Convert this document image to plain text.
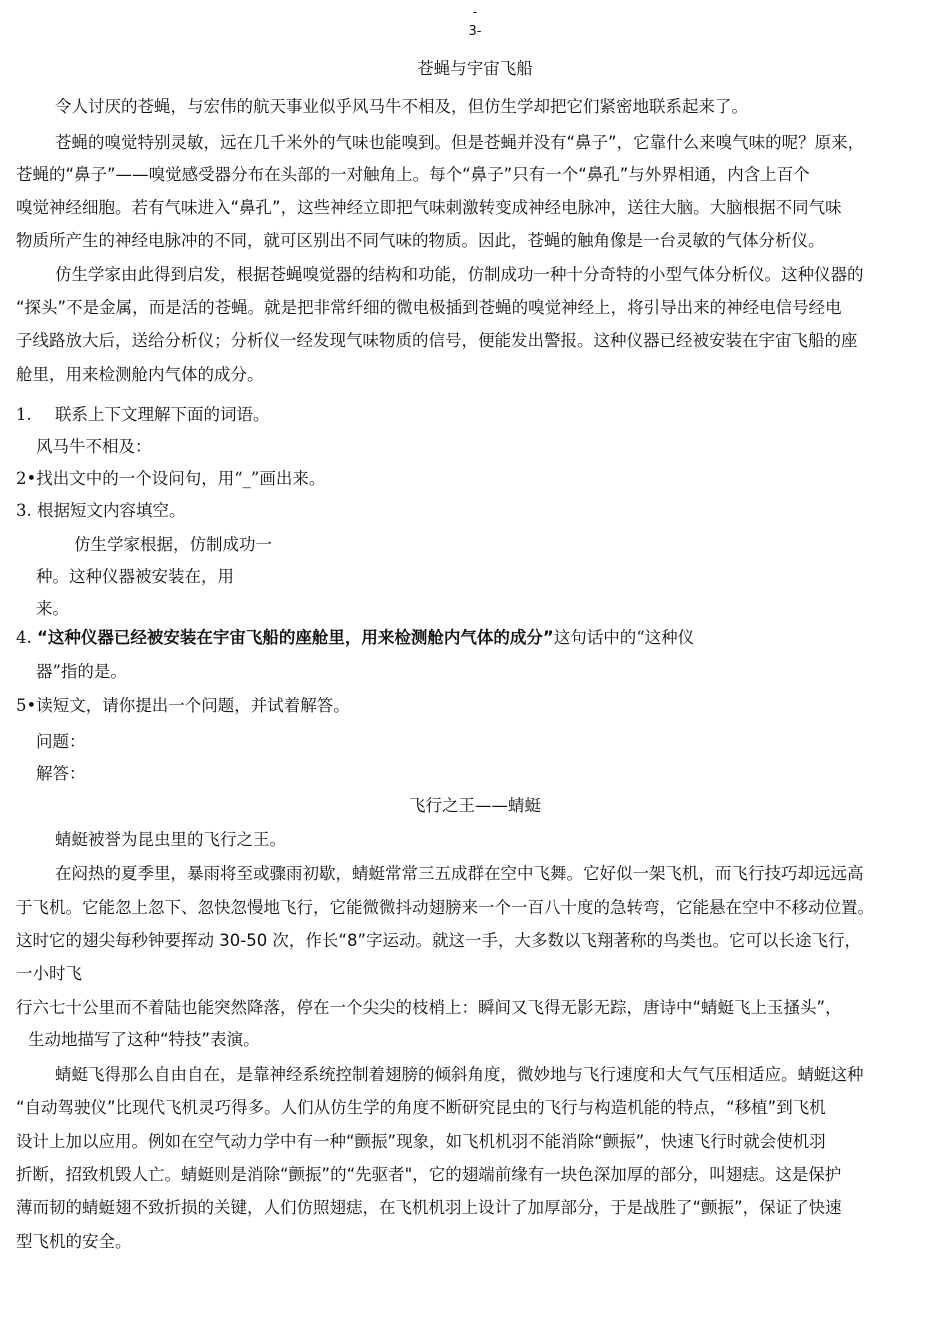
-
3-
苍蝇与宇宙飞船
令人讨厌的苍蝇，与宏伟的航天事业似乎风马牛不相及，但仿生学却把它们紧密地联系起来了。
苍蝇的嗅觉特别灵敏，远在几千米外的气味也能嗅到。但是苍蝇并没有“鼻子”，它靠什么来嗅气味的呢？原来，
苍蝇的“鼻子”——嗅觉感受器分布在头部的一对触角上。每个“鼻子”只有一个“鼻孔”与外界相通，内含上百个
嗅觉神经细胞。若有气味进入“鼻孔”，这些神经立即把气味刺激转变成神经电脉冲，送往大脑。大脑根据不同气味
物质所产生的神经电脉冲的不同，就可区别出不同气味的物质。因此，苍蝇的触角像是一台灵敏的气体分析仪。
仿生学家由此得到启发，根据苍蝇嗅觉器的结构和功能，仿制成功一种十分奇特的小型气体分析仪。这种仪器的
“探头”不是金属，而是活的苍蝇。就是把非常纤细的微电极插到苍蝇的嗅觉神经上，将引导出来的神经电信号经电
子线路放大后，送给分析仪；分析仪一经发现气味物质的信号，便能发出警报。这种仪器已经被安装在宇宙飞船的座
舱里，用来检测舱内气体的成分。
1. 联系上下文理解下面的词语。
风马牛不相及：
2•找出文中的一个设问句，用“_”画出来。
3. 根据短文内容填空。
仿生学家根据，仿制成功一
种。这种仪器被安装在，用
来。
4. “这种仪器已经被安装在宇宙飞船的座舱里，用来检测舱内气体的成分”这句话中的“这种仪
器”指的是。
5•读短文，请你提出一个问题，并试着解答。
问题：
解答：
飞行之王——蜻蜓
蜻蜓被誉为昆虫里的飞行之王。
在闷热的夏季里，暴雨将至或骤雨初歇，蜻蜓常常三五成群在空中飞舞。它好似一架飞机，而飞行技巧却远远高
于飞机。它能忽上忽下、忽快忽慢地飞行，它能微微抖动翅膀来一个一百八十度的急转弯，它能悬在空中不移动位置。
这时它的翅尖每秒钟要挥动 30-50 次，作长“8”字运动。就这一手，大多数以飞翔著称的鸟类也。它可以长途飞行，
一小时飞
行六七十公里而不着陆也能突然降落，停在一个尖尖的枝梢上：瞬间又飞得无影无踪，唐诗中“蜻蜓飞上玉搔头”，
生动地描写了这种“特技”表演。
蜻蜓飞得那么自由自在，是靠神经系统控制着翅膀的倾斜角度，微妙地与飞行速度和大气气压相适应。蜻蜓这种
“自动驾驶仪”比现代飞机灵巧得多。人们从仿生学的角度不断研究昆虫的飞行与构造机能的特点，“移植”到飞机
设计上加以应用。例如在空气动力学中有一种“颤振”现象，如飞机机羽不能消除“颤振”，快速飞行时就会使机羽
折断，招致机毁人亡。蜻蜓则是消除“颤振”的“先驱者"，它的翅端前缘有一块色深加厚的部分，叫翅痣。这是保护
薄而韧的蜻蜓翅不致折损的关键，人们仿照翅痣，在飞机机羽上设计了加厚部分，于是战胜了“颤振”，保证了快速
型飞机的安全。
